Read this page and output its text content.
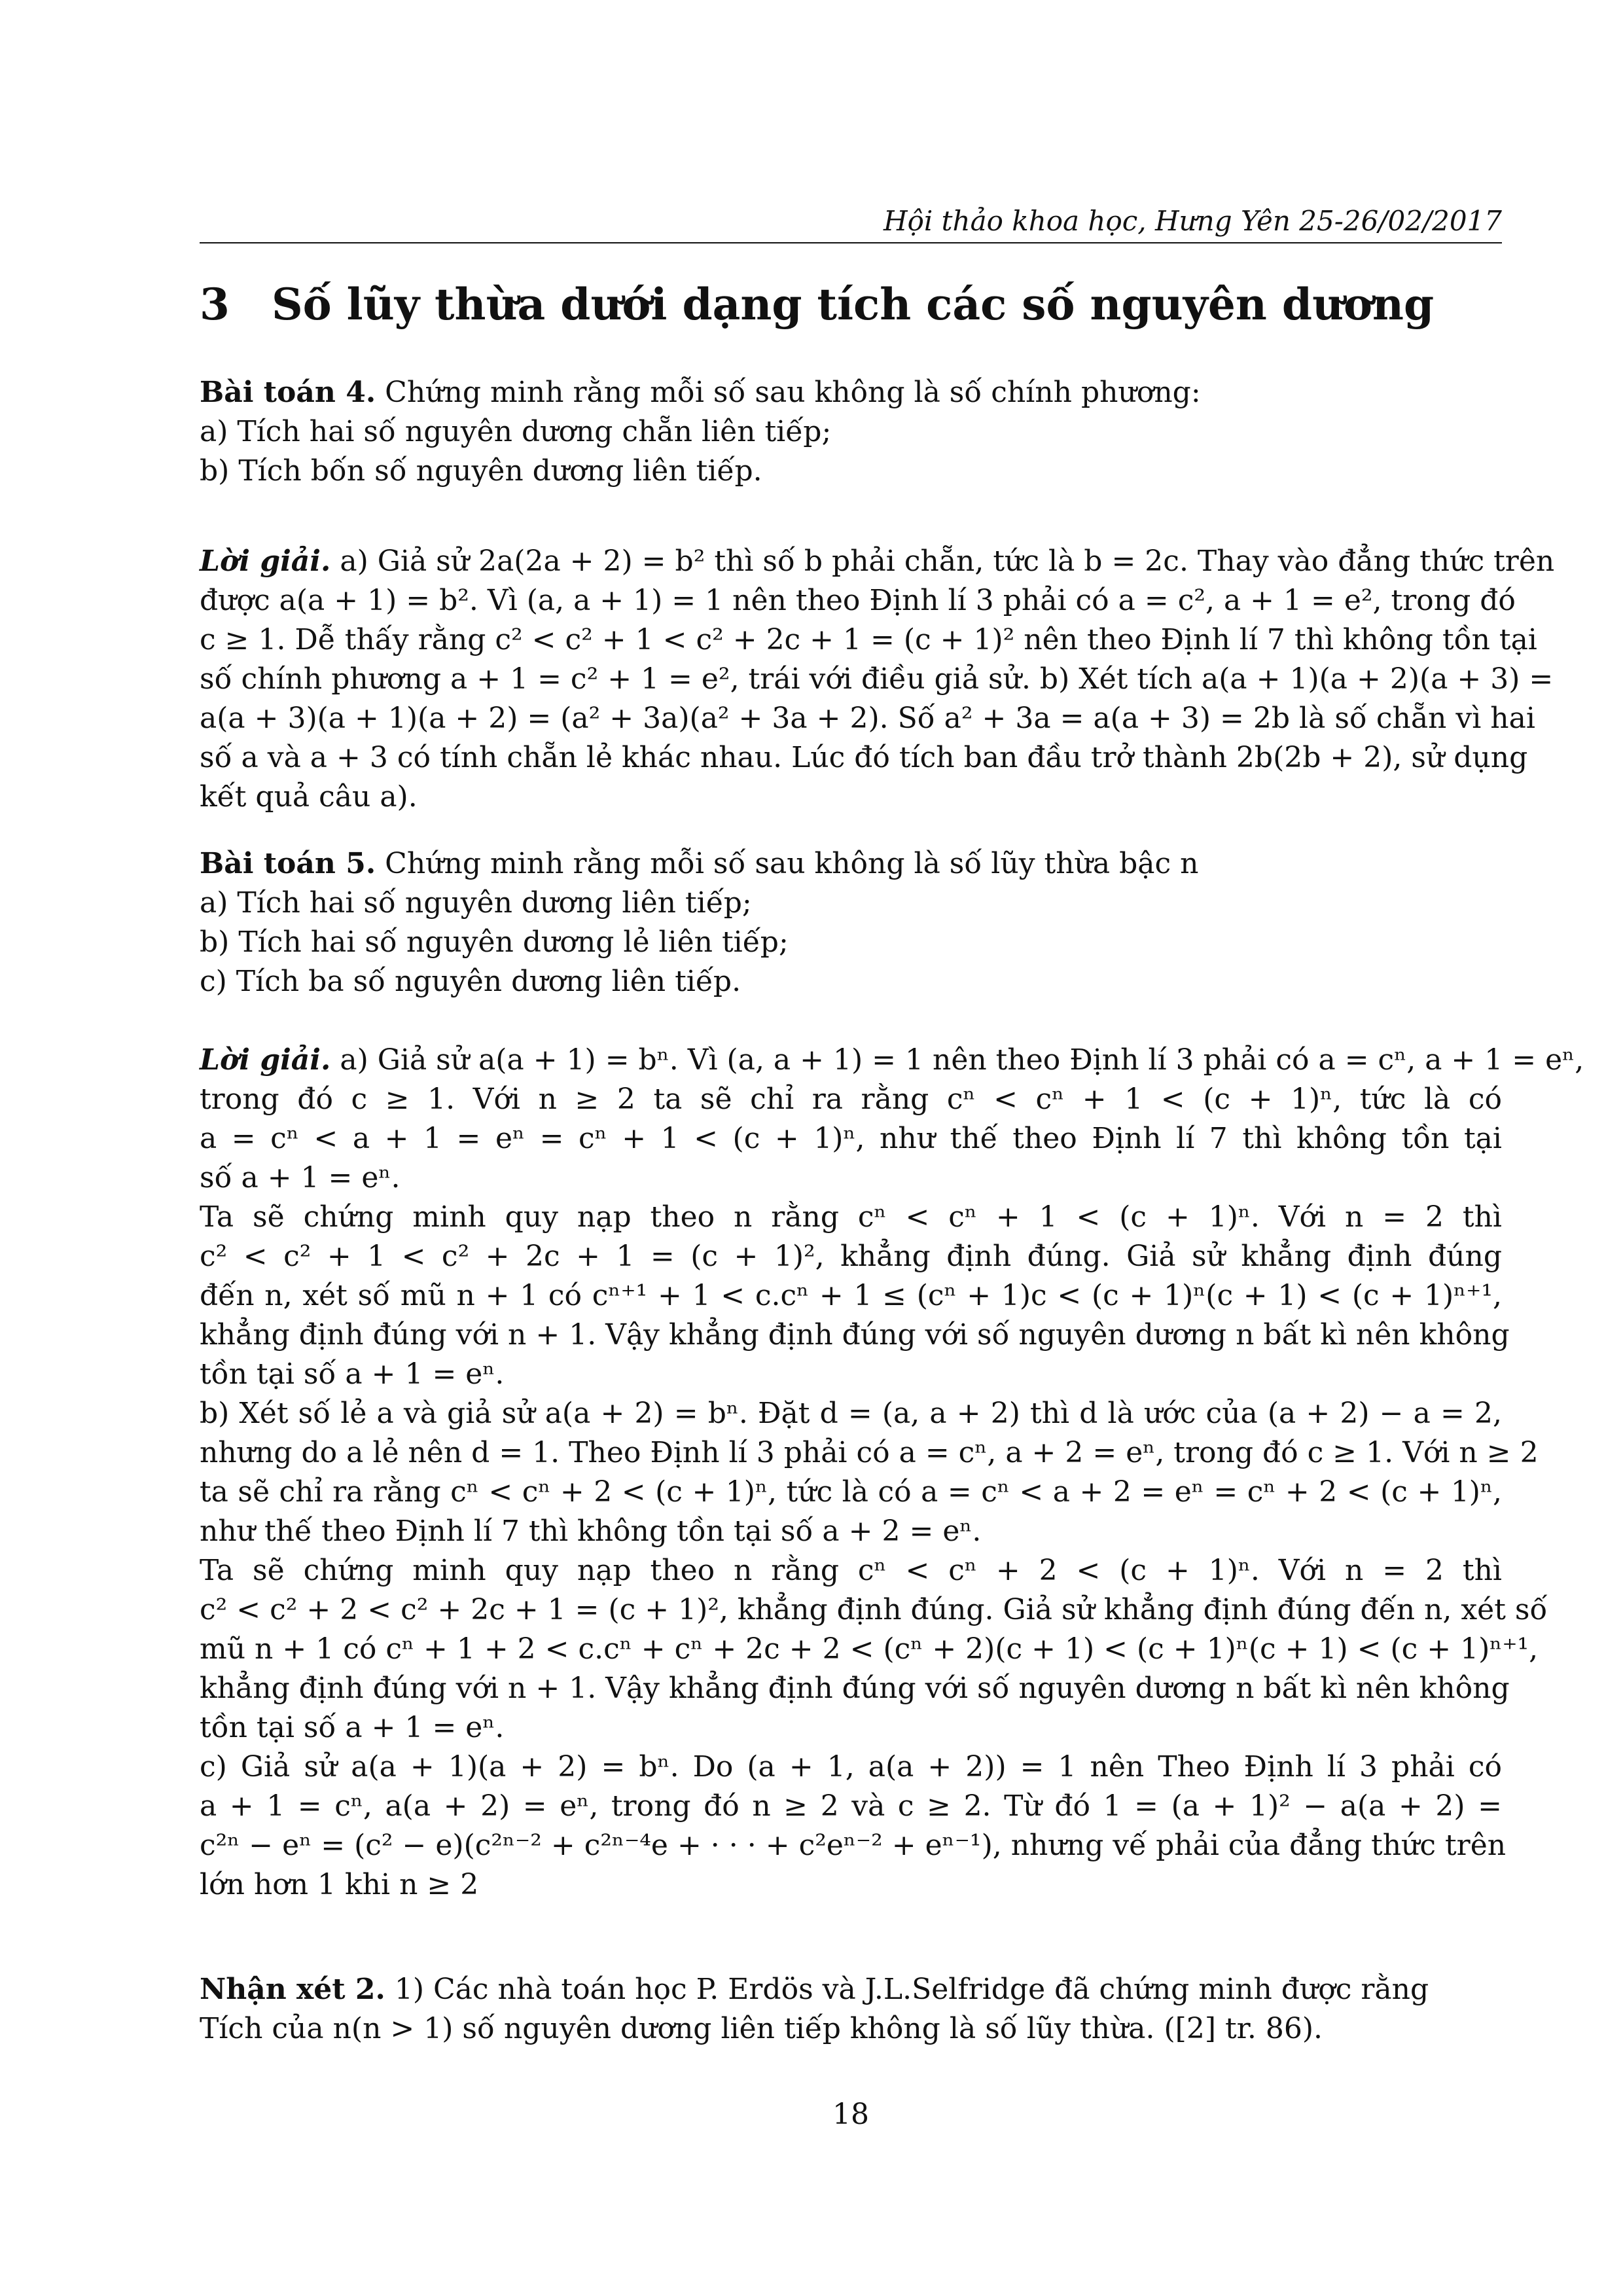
Hội thảo khoa học, Hưng Yên 25-26/02/2017
3 Số lũy thừa dưới dạng tích các số nguyên dương
Bài toán 4. Chứng minh rằng mỗi số sau không là số chính phương:
a) Tích hai số nguyên dương chẵn liên tiếp;
b) Tích bốn số nguyên dương liên tiếp.
Lời giải. a) Giả sử 2a(2a + 2) = b² thì số b phải chẵn, tức là b = 2c. Thay vào đẳng thức trên
được a(a + 1) = b². Vì (a, a + 1) = 1 nên theo Định lí 3 phải có a = c², a + 1 = e², trong đó
c ≥ 1. Dễ thấy rằng c² < c² + 1 < c² + 2c + 1 = (c + 1)² nên theo Định lí 7 thì không tồn tại
số chính phương a + 1 = c² + 1 = e², trái với điều giả sử. b) Xét tích a(a + 1)(a + 2)(a + 3) =
a(a + 3)(a + 1)(a + 2) = (a² + 3a)(a² + 3a + 2). Số a² + 3a = a(a + 3) = 2b là số chẵn vì hai
số a và a + 3 có tính chẵn lẻ khác nhau. Lúc đó tích ban đầu trở thành 2b(2b + 2), sử dụng
kết quả câu a).
Bài toán 5. Chứng minh rằng mỗi số sau không là số lũy thừa bậc n
a) Tích hai số nguyên dương liên tiếp;
b) Tích hai số nguyên dương lẻ liên tiếp;
c) Tích ba số nguyên dương liên tiếp.
Lời giải. a) Giả sử a(a + 1) = bⁿ. Vì (a, a + 1) = 1 nên theo Định lí 3 phải có a = cⁿ, a + 1 = eⁿ,
trong đó c ≥ 1. Với n ≥ 2 ta sẽ chỉ ra rằng cⁿ < cⁿ + 1 < (c + 1)ⁿ, tức là có
a = cⁿ < a + 1 = eⁿ = cⁿ + 1 < (c + 1)ⁿ, như thế theo Định lí 7 thì không tồn tại
số a + 1 = eⁿ.
Ta sẽ chứng minh quy nạp theo n rằng cⁿ < cⁿ + 1 < (c + 1)ⁿ. Với n = 2 thì
c² < c² + 1 < c² + 2c + 1 = (c + 1)², khẳng định đúng. Giả sử khẳng định đúng
đến n, xét số mũ n + 1 có cⁿ⁺¹ + 1 < c.cⁿ + 1 ≤ (cⁿ + 1)c < (c + 1)ⁿ(c + 1) < (c + 1)ⁿ⁺¹,
khẳng định đúng với n + 1. Vậy khẳng định đúng với số nguyên dương n bất kì nên không
tồn tại số a + 1 = eⁿ.
b) Xét số lẻ a và giả sử a(a + 2) = bⁿ. Đặt d = (a, a + 2) thì d là ước của (a + 2) − a = 2,
nhưng do a lẻ nên d = 1. Theo Định lí 3 phải có a = cⁿ, a + 2 = eⁿ, trong đó c ≥ 1. Với n ≥ 2
ta sẽ chỉ ra rằng cⁿ < cⁿ + 2 < (c + 1)ⁿ, tức là có a = cⁿ < a + 2 = eⁿ = cⁿ + 2 < (c + 1)ⁿ,
như thế theo Định lí 7 thì không tồn tại số a + 2 = eⁿ.
Ta sẽ chứng minh quy nạp theo n rằng cⁿ < cⁿ + 2 < (c + 1)ⁿ. Với n = 2 thì
c² < c² + 2 < c² + 2c + 1 = (c + 1)², khẳng định đúng. Giả sử khẳng định đúng đến n, xét số
mũ n + 1 có cⁿ + 1 + 2 < c.cⁿ + cⁿ + 2c + 2 < (cⁿ + 2)(c + 1) < (c + 1)ⁿ(c + 1) < (c + 1)ⁿ⁺¹,
khẳng định đúng với n + 1. Vậy khẳng định đúng với số nguyên dương n bất kì nên không
tồn tại số a + 1 = eⁿ.
c) Giả sử a(a + 1)(a + 2) = bⁿ. Do (a + 1, a(a + 2)) = 1 nên Theo Định lí 3 phải có
a + 1 = cⁿ, a(a + 2) = eⁿ, trong đó n ≥ 2 và c ≥ 2. Từ đó 1 = (a + 1)² − a(a + 2) =
c²ⁿ − eⁿ = (c² − e)(c²ⁿ⁻² + c²ⁿ⁻⁴e + · · · + c²eⁿ⁻² + eⁿ⁻¹), nhưng vế phải của đẳng thức trên
lớn hơn 1 khi n ≥ 2
Nhận xét 2. 1) Các nhà toán học P. Erdös và J.L.Selfridge đã chứng minh được rằng
Tích của n(n > 1) số nguyên dương liên tiếp không là số lũy thừa. ([2] tr. 86).
18
